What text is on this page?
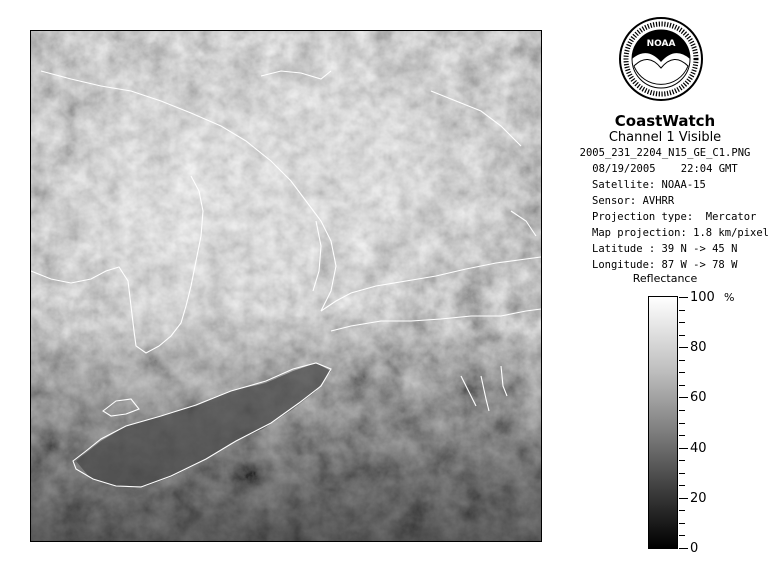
NOAA
CoastWatch
Channel 1 Visible
2005_231_2204_N15_GE_C1.PNG
08/19/2005    22:04 GMT
Satellite: NOAA-15
Sensor: AVHRR
Projection type:  Mercator
Map projection: 1.8 km/pixel
Latitude : 39 N -> 45 N
Longitude: 87 W -> 78 W
Reflectance
%
100
80
60
40
20
0
